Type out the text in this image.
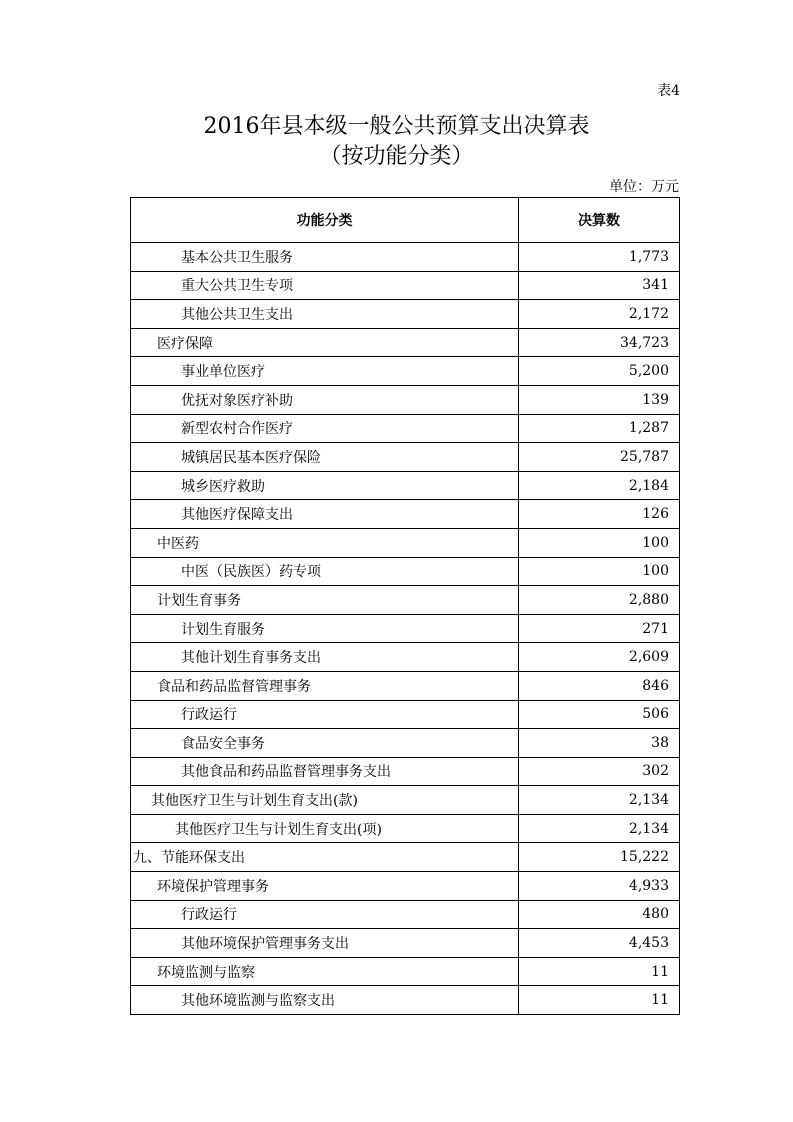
表4
2016年县本级一般公共预算支出决算表
（按功能分类）
单位：万元
功能分类	决算数
基本公共卫生服务	1,773
重大公共卫生专项	341
其他公共卫生支出	2,172
医疗保障	34,723
事业单位医疗	5,200
优抚对象医疗补助	139
新型农村合作医疗	1,287
城镇居民基本医疗保险	25,787
城乡医疗救助	2,184
其他医疗保障支出	126
中医药	100
中医（民族医）药专项	100
计划生育事务	2,880
计划生育服务	271
其他计划生育事务支出	2,609
食品和药品监督管理事务	846
行政运行	506
食品安全事务	38
其他食品和药品监督管理事务支出	302
其他医疗卫生与计划生育支出(款)	2,134
其他医疗卫生与计划生育支出(项)	2,134
九、节能环保支出	15,222
环境保护管理事务	4,933
行政运行	480
其他环境保护管理事务支出	4,453
环境监测与监察	11
其他环境监测与监察支出	11
